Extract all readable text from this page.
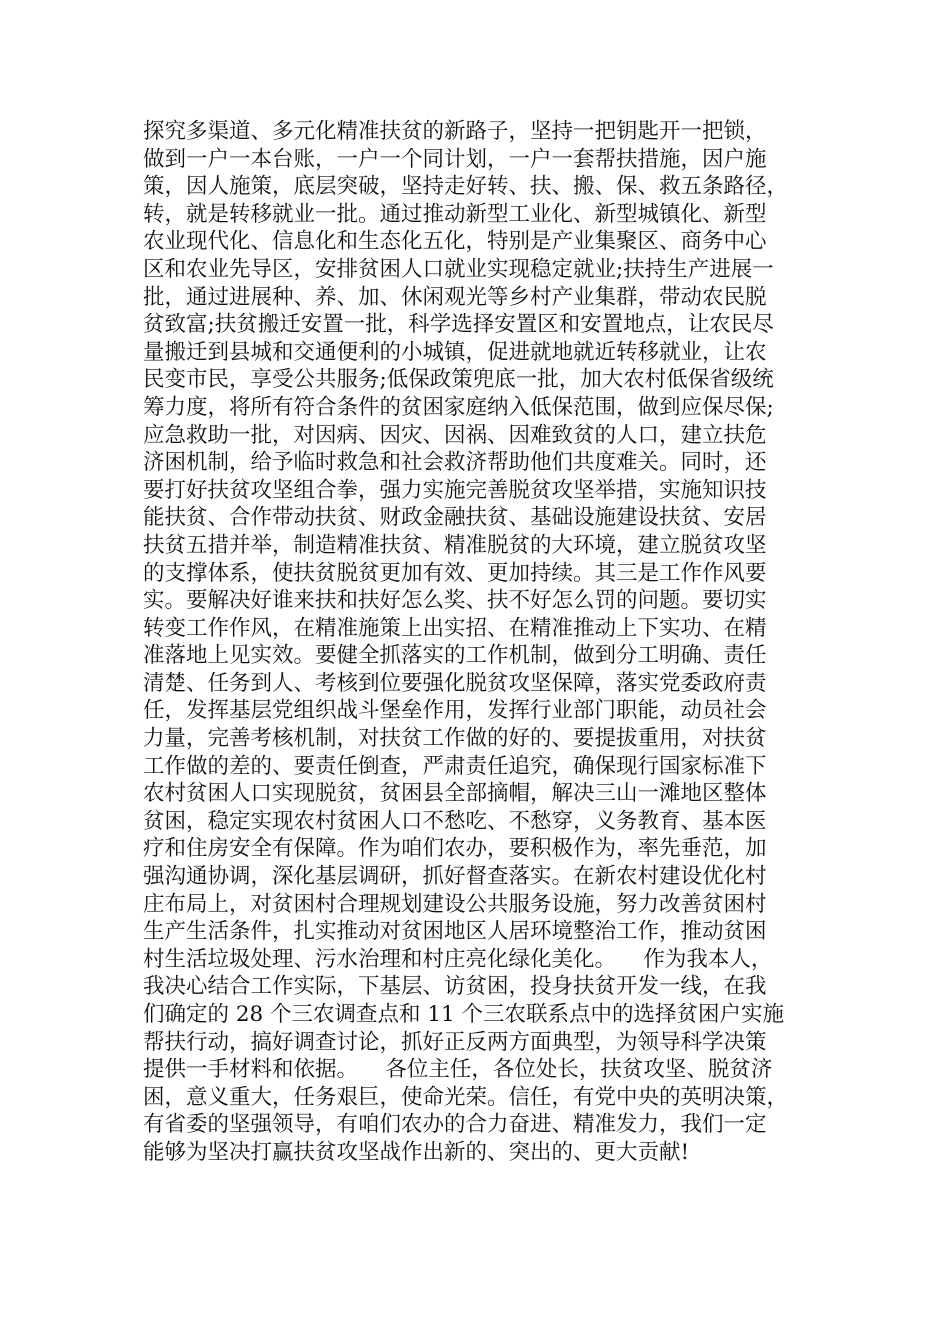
探究多渠道、多元化精准扶贫的新路子，坚持一把钥匙开一把锁，
做到一户一本台账，一户一个同计划，一户一套帮扶措施，因户施
策，因人施策，底层突破，坚持走好转、扶、搬、保、救五条路径，
转，就是转移就业一批。通过推动新型工业化、新型城镇化、新型
农业现代化、信息化和生态化五化，特别是产业集聚区、商务中心
区和农业先导区，安排贫困人口就业实现稳定就业;扶持生产进展一
批，通过进展种、养、加、休闲观光等乡村产业集群，带动农民脱
贫致富;扶贫搬迁安置一批，科学选择安置区和安置地点，让农民尽
量搬迁到县城和交通便利的小城镇，促进就地就近转移就业，让农
民变市民，享受公共服务;低保政策兜底一批，加大农村低保省级统
筹力度，将所有符合条件的贫困家庭纳入低保范围，做到应保尽保;
应急救助一批，对因病、因灾、因祸、因难致贫的人口，建立扶危
济困机制，给予临时救急和社会救济帮助他们共度难关。同时，还
要打好扶贫攻坚组合拳，强力实施完善脱贫攻坚举措，实施知识技
能扶贫、合作带动扶贫、财政金融扶贫、基础设施建设扶贫、安居
扶贫五措并举，制造精准扶贫、精准脱贫的大环境，建立脱贫攻坚
的支撑体系，使扶贫脱贫更加有效、更加持续。其三是工作作风要
实。要解决好谁来扶和扶好怎么奖、扶不好怎么罚的问题。要切实
转变工作作风，在精准施策上出实招、在精准推动上下实功、在精
准落地上见实效。要健全抓落实的工作机制，做到分工明确、责任
清楚、任务到人、考核到位要强化脱贫攻坚保障，落实党委政府责
任，发挥基层党组织战斗堡垒作用，发挥行业部门职能，动员社会
力量，完善考核机制，对扶贫工作做的好的、要提拔重用，对扶贫
工作做的差的、要责任倒查，严肃责任追究，确保现行国家标准下
农村贫困人口实现脱贫，贫困县全部摘帽，解决三山一滩地区整体
贫困，稳定实现农村贫困人口不愁吃、不愁穿，义务教育、基本医
疗和住房安全有保障。作为咱们农办，要积极作为，率先垂范，加
强沟通协调，深化基层调研，抓好督查落实。在新农村建设优化村
庄布局上，对贫困村合理规划建设公共服务设施，努力改善贫困村
生产生活条件，扎实推动对贫困地区人居环境整治工作，推动贫困
村生活垃圾处理、污水治理和村庄亮化绿化美化。    作为我本人，
我决心结合工作实际，下基层、访贫困，投身扶贫开发一线，在我
们确定的 28 个三农调查点和 11 个三农联系点中的选择贫困户实施
帮扶行动，搞好调查讨论，抓好正反两方面典型，为领导科学决策
提供一手材料和依据。    各位主任，各位处长，扶贫攻坚、脱贫济
困，意义重大，任务艰巨，使命光荣。信任，有党中央的英明决策，
有省委的坚强领导，有咱们农办的合力奋进、精准发力，我们一定
能够为坚决打赢扶贫攻坚战作出新的、突出的、更大贡献!
